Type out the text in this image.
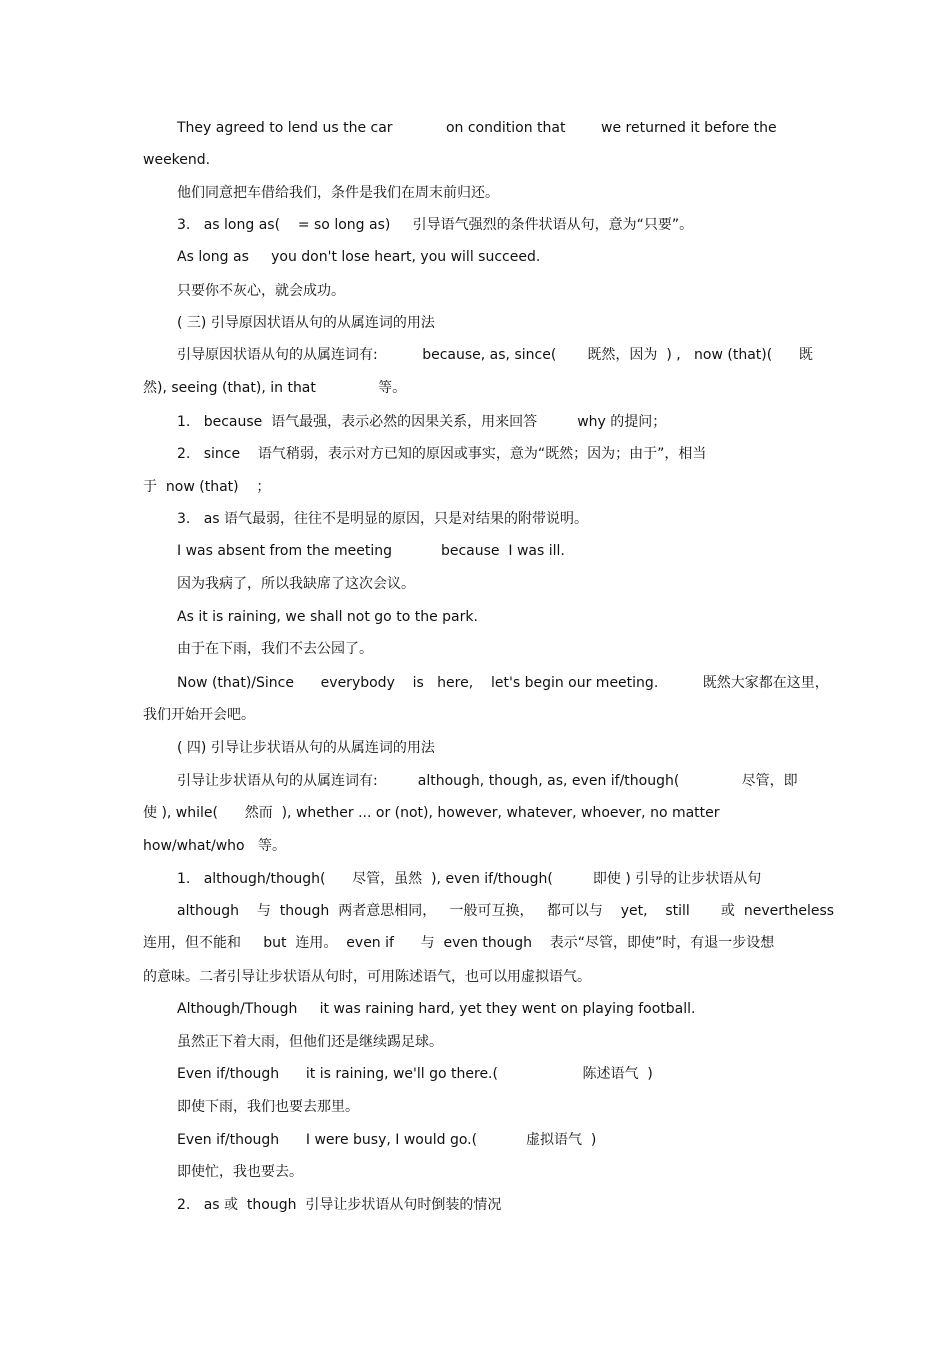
They agreed to lend us the car            on condition that        we returned it before the
weekend.
他们同意把车借给我们，条件是我们在周末前归还。
3.   as long as(    = so long as)     引导语气强烈的条件状语从句，意为“只要”。
As long as     you don't lose heart, you will succeed.
只要你不灰心，就会成功。
( 三) 引导原因状语从句的从属连词的用法
引导原因状语从句的从属连词有:          because, as, since(       既然，因为  ) ,   now (that)(      既
然), seeing (that), in that              等。
1.   because  语气最强，表示必然的因果关系，用来回答         why 的提问；
2.   since    语气稍弱，表示对方已知的原因或事实，意为“既然；因为；由于”，相当
于  now (that)    ；
3.   as 语气最弱，往往不是明显的原因，只是对结果的附带说明。
I was absent from the meeting           because  I was ill.
因为我病了，所以我缺席了这次会议。
As it is raining, we shall not go to the park.
由于在下雨，我们不去公园了。
Now (that)/Since      everybody    is   here,    let's begin our meeting.          既然大家都在这里，
我们开始开会吧。
( 四) 引导让步状语从句的从属连词的用法
引导让步状语从句的从属连词有:         although, though, as, even if/though(              尽管，即
使 ), while(      然而  ), whether ... or (not), however, whatever, whoever, no matter
how/what/who   等。
1.   although/though(      尽管，虽然  ), even if/though(         即使 ) 引导的让步状语从句
although    与  though  两者意思相同，   一般可互换，   都可以与    yet,    still       或  nevertheless
连用，但不能和     but  连用。  even if      与  even though    表示“尽管，即使”时，有退一步设想
的意味。二者引导让步状语从句时，可用陈述语气，也可以用虚拟语气。
Although/Though     it was raining hard, yet they went on playing football.
虽然正下着大雨，但他们还是继续踢足球。
Even if/though      it is raining, we'll go there.(                   陈述语气  )
即使下雨，我们也要去那里。
Even if/though      I were busy, I would go.(           虚拟语气  )
即使忙，我也要去。
2.   as 或  though  引导让步状语从句时倒装的情况
